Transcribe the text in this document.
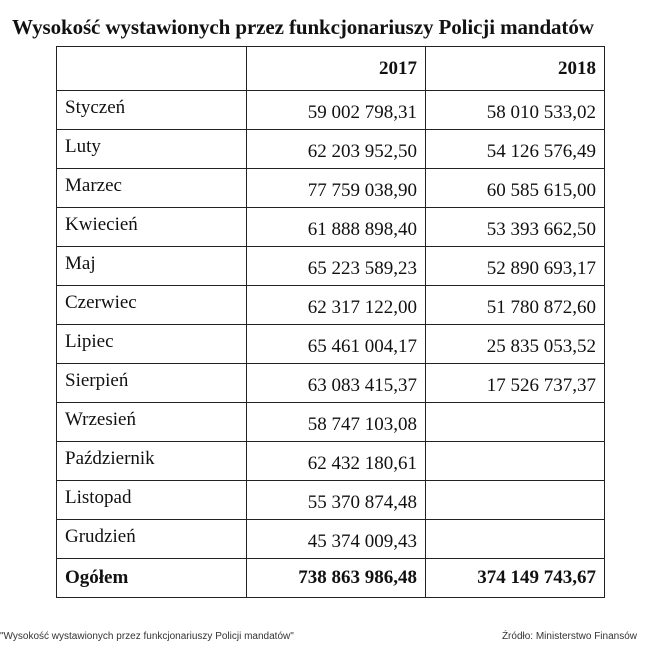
Wysokość wystawionych przez funkcjonariuszy Policji mandatów
	2017	2018
Styczeń	59 002 798,31	58 010 533,02
Luty	62 203 952,50	54 126 576,49
Marzec	77 759 038,90	60 585 615,00
Kwiecień	61 888 898,40	53 393 662,50
Maj	65 223 589,23	52 890 693,17
Czerwiec	62 317 122,00	51 780 872,60
Lipiec	65 461 004,17	25 835 053,52
Sierpień	63 083 415,37	17 526 737,37
Wrzesień	58 747 103,08	
Październik	62 432 180,61	
Listopad	55 370 874,48	
Grudzień	45 374 009,43	
Ogółem	738 863 986,48	374 149 743,67
"Wysokość wystawionych przez funkcjonariuszy Policji mandatów"	Źródło: Ministerstwo Finansów
